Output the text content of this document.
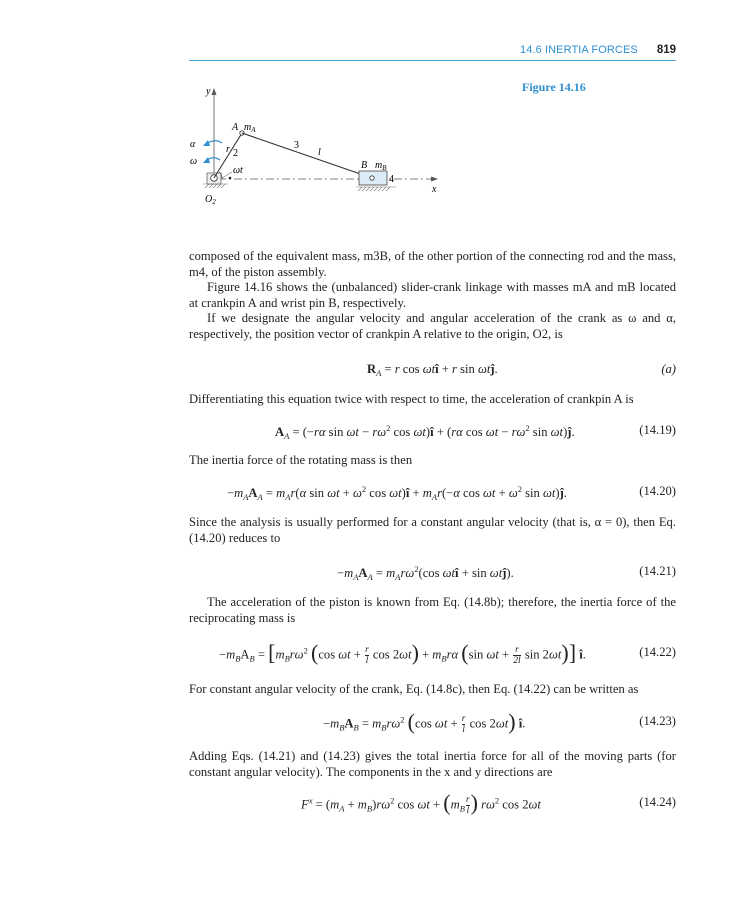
14.6 INERTIA FORCES 819
Figure 14.16
y
x
α
ω
A $m_A$
r 2
ωt
3
l
B $m_B$
4
$O_2$

composed of the equivalent mass, m3B, of the other portion of the connecting rod and the mass, m4, of the piston assembly.

Figure 14.16 shows the (unbalanced) slider-crank linkage with masses mA and mB located at crankpin A and wrist pin B, respectively.

If we designate the angular velocity and angular acceleration of the crank as ω and α, respectively, the position vector of crankpin A relative to the origin, O2, is

$R_A = r$ cos ωtî + r sin ωtĵ.	(a)

Differentiating this equation twice with respect to time, the acceleration of crankpin A is

$A_A = (-r\alpha$ $\sin \omega t - r\omega^2$ cos ωt)î + (rα $\cos \omega t - r\omega^2$ sin ωt)ĵ.	(14.19)

The inertia force of the rotating mass is then

$-m_AA_A = m_Ar(\alpha$ $\sin \omega t + \omega^2$ cos ωt)î + $m_Ar(-\alpha$ $\cos \omega t + \omega^2$ sin ωt)ĵ.	(14.20)

Since the analysis is usually performed for a constant angular velocity (that is, α = 0), then Eq. (14.20) reduces to

$-m_AA_A = m_Ar\omega^2(\cos$ ωtî + sin ωtĵ).	(14.21)

The acceleration of the piston is known from Eq. (14.8b); therefore, the inertia force of the reciprocating mass is

$-m_BA_B = [m_Br\omega^2$ (cos $\omega t + \frac{r}{l}$ $\cos 2\omega t) + m_Br\alpha$ (sin $\omega t + \frac{r}{2l}$ sin 2ωt)] î.	(14.22)

For constant angular velocity of the crank, Eq. (14.8c), then Eq. (14.22) can be written as

$-m_BA_B = m_Br\omega^2$ (cos $\omega t + \frac{r}{l}$ cos 2ωt) î.	(14.23)

Adding Eqs. (14.21) and (14.23) gives the total inertia force for all of the moving parts (for constant angular velocity). The components in the x and y directions are

$F^x = (m_A + m_B)r\omega^2$ $\cos \omega t + (m_B \frac{r}{l}$ ) $r\omega^2$ cos 2ωt	(14.24)
